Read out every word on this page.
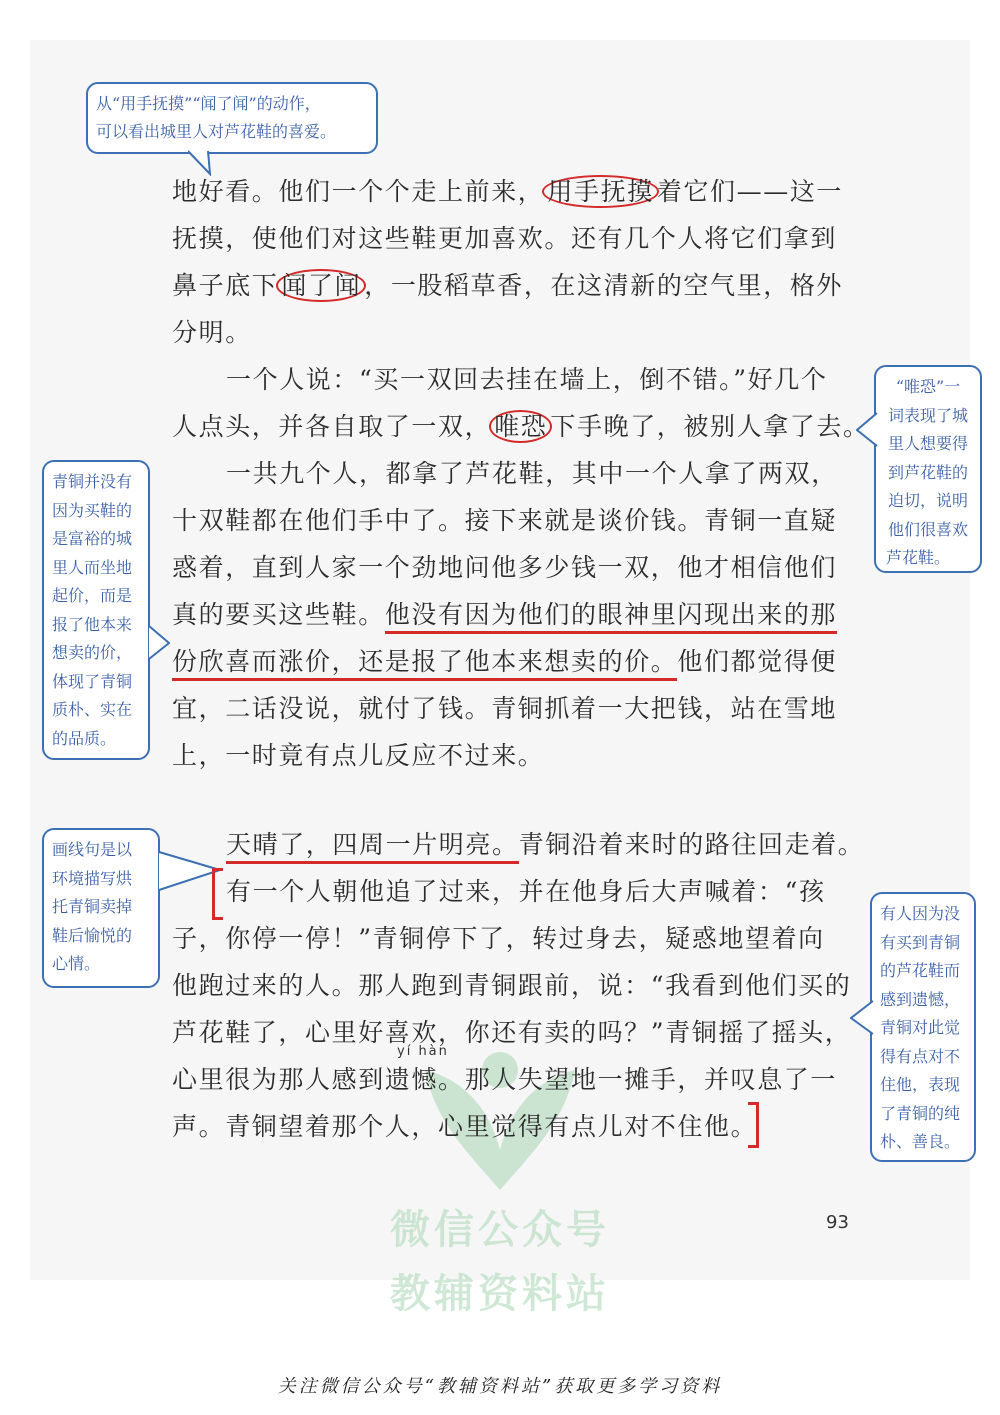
从“用手抚摸”“闻了闻”的动作，
可以看出城里人对芦花鞋的喜爱。
“唯恐”一
词表现了城
里人想要得
到芦花鞋的
迫切，说明
他们很喜欢
芦花鞋。
青铜并没有
因为买鞋的
是富裕的城
里人而坐地
起价，而是
报了他本来
想卖的价，
体现了青铜
质朴、实在
的品质。
画线句是以
环境描写烘
托青铜卖掉
鞋后愉悦的
心情。
有人因为没
有买到青铜
的芦花鞋而
感到遗憾，
青铜对此觉
得有点对不
住他，表现
了青铜的纯
朴、善良。
地好看。他们一个个走上前来， 用手抚摸 着它们——这一
抚摸，使他们对这些鞋更加喜欢。还有几个人将它们拿到
鼻子底下 闻了闻 ，一股稻草香，在这清新的空气里，格外
分明。
一个人说：“买一双回去挂在墙上，倒不错。”好几个
人点头，并各自取了一双， 唯恐 下手晚了，被别人拿了去。
一共九个人，都拿了芦花鞋，其中一个人拿了两双，
十双鞋都在他们手中了。接下来就是谈价钱。青铜一直疑
惑着，直到人家一个劲地问他多少钱一双，他才相信他们
真的要买这些鞋。他没有因为他们的眼神里闪现出来的那
份欣喜而涨价，还是报了他本来想卖的价。他们都觉得便
宜，二话没说，就付了钱。青铜抓着一大把钱，站在雪地
上，一时竟有点儿反应不过来。
天晴了，四周一片明亮。青铜沿着来时的路往回走着。
有一个人朝他追了过来，并在他身后大声喊着：“孩
子，你停一停！”青铜停下了，转过身去，疑惑地望着向
他跑过来的人。那人跑到青铜跟前，说：“我看到他们买的
芦花鞋了，心里好喜欢，你还有卖的吗？”青铜摇了摇头，
心里很为那人感到遗憾。那人失望地一摊手，并叹息了一
声。青铜望着那个人，心里觉得有点儿对不住他。
yí hàn
93
微信公众号
教辅资料站
关注微信公众号“教辅资料站”获取更多学习资料
